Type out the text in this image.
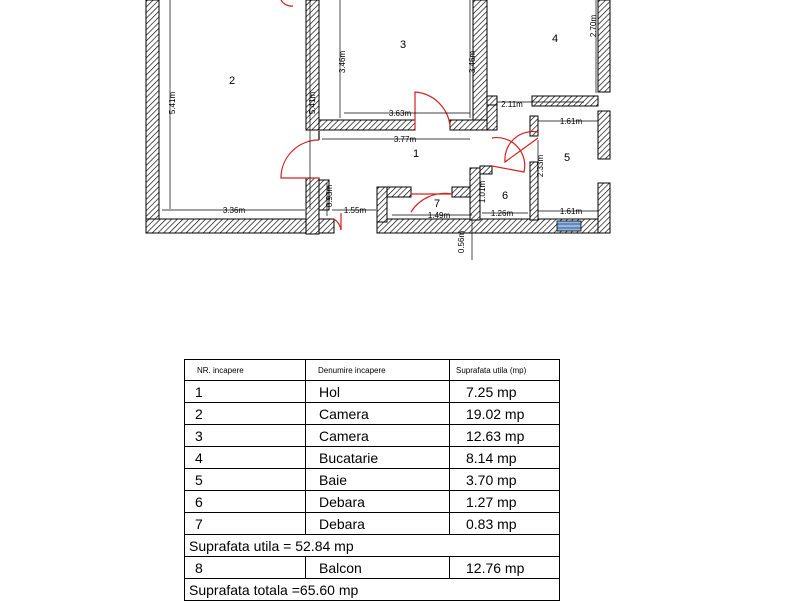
1
2
3	4
5
6
7
3.46m	3.46m
2.70m
5.41m	5.41m	3.63m
2.11m
3.77m
1.61m
2.33m
1.01m
0.93m
3.36m	1.55m
1.49m	1.26m	1.61m
0.56m
NR. incapere	Denumire incapere	Suprafata utila (mp)
1	Hol	7.25 mp
2	Camera	19.02 mp
3	Camera	12.63 mp
4	Bucatarie	8.14 mp
5	Baie	3.70 mp
6	Debara	1.27 mp
7	Debara	0.83 mp
Suprafata utila = 52.84 mp		
8	Balcon	12.76 mp
Suprafata totala =65.60 mp		
